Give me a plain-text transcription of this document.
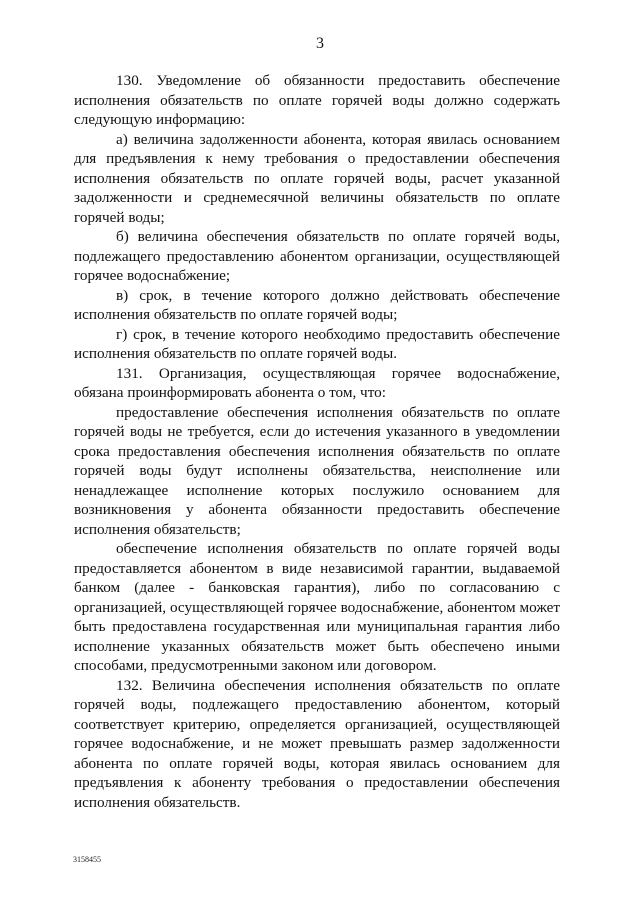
3

130. Уведомление об обязанности предоставить обеспечение исполнения обязательств по оплате горячей воды должно содержать следующую информацию:

а) величина задолженности абонента, которая явилась основанием для предъявления к нему требования о предоставлении обеспечения исполнения обязательств по оплате горячей воды, расчет указанной задолженности и среднемесячной величины обязательств по оплате горячей воды;

б) величина обеспечения обязательств по оплате горячей воды, подлежащего предоставлению абонентом организации, осуществляющей горячее водоснабжение;

в) срок, в течение которого должно действовать обеспечение исполнения обязательств по оплате горячей воды;

г) срок, в течение которого необходимо предоставить обеспечение исполнения обязательств по оплате горячей воды.

131. Организация, осуществляющая горячее водоснабжение, обязана проинформировать абонента о том, что:

предоставление обеспечения исполнения обязательств по оплате горячей воды не требуется, если до истечения указанного в уведомлении срока предоставления обеспечения исполнения обязательств по оплате горячей воды будут исполнены обязательства, неисполнение или ненадлежащее исполнение которых послужило основанием для возникновения у абонента обязанности предоставить обеспечение исполнения обязательств;

обеспечение исполнения обязательств по оплате горячей воды предоставляется абонентом в виде независимой гарантии, выдаваемой банком (далее - банковская гарантия), либо по согласованию с организацией, осуществляющей горячее водоснабжение, абонентом может быть предоставлена государственная или муниципальная гарантия либо исполнение указанных обязательств может быть обеспечено иными способами, предусмотренными законом или договором.

132. Величина обеспечения исполнения обязательств по оплате горячей воды, подлежащего предоставлению абонентом, который соответствует критерию, определяется организацией, осуществляющей горячее водоснабжение, и не может превышать размер задолженности абонента по оплате горячей воды, которая явилась основанием для предъявления к абоненту требования о предоставлении обеспечения исполнения обязательств.

3158455
